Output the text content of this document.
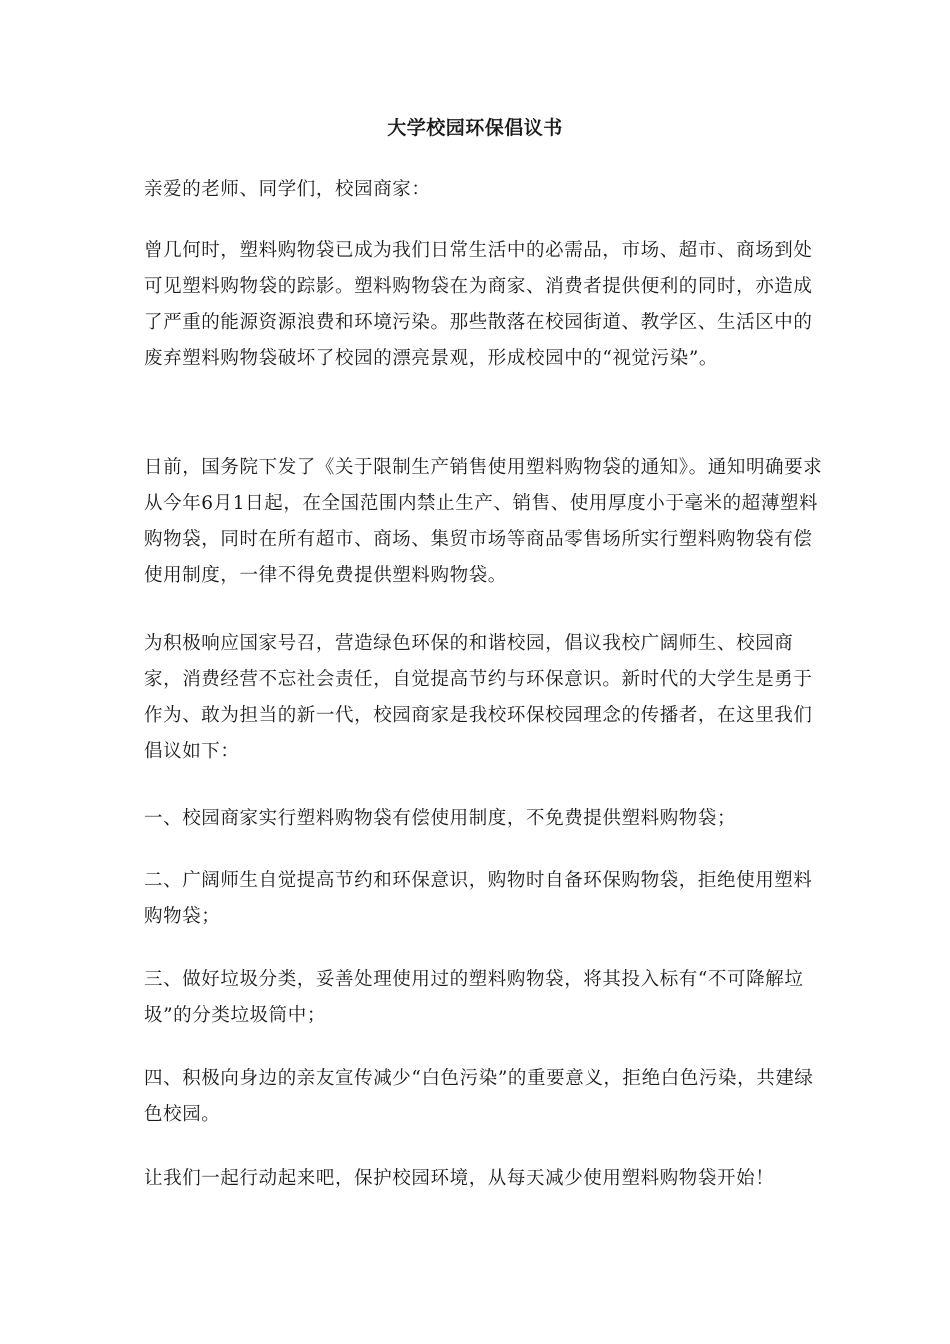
大学校园环保倡议书

亲爱的老师、同学们，校园商家：

曾几何时，塑料购物袋已成为我们日常生活中的必需品，市场、超市、商场到处可见塑料购物袋的踪影。塑料购物袋在为商家、消费者提供便利的同时，亦造成了严重的能源资源浪费和环境污染。那些散落在校园街道、教学区、生活区中的废弃塑料购物袋破坏了校园的漂亮景观，形成校园中的“视觉污染”。

日前，国务院下发了《关于限制生产销售使用塑料购物袋的通知》。通知明确要求从今年6月1日起，在全国范围内禁止生产、销售、使用厚度小于毫米的超薄塑料购物袋，同时在所有超市、商场、集贸市场等商品零售场所实行塑料购物袋有偿使用制度，一律不得免费提供塑料购物袋。

为积极响应国家号召，营造绿色环保的和谐校园，倡议我校广阔师生、校园商家，消费经营不忘社会责任，自觉提高节约与环保意识。新时代的大学生是勇于作为、敢为担当的新一代，校园商家是我校环保校园理念的传播者，在这里我们倡议如下：

一、校园商家实行塑料购物袋有偿使用制度，不免费提供塑料购物袋；

二、广阔师生自觉提高节约和环保意识，购物时自备环保购物袋，拒绝使用塑料购物袋；

三、做好垃圾分类，妥善处理使用过的塑料购物袋，将其投入标有“不可降解垃圾”的分类垃圾筒中；

四、积极向身边的亲友宣传减少“白色污染”的重要意义，拒绝白色污染，共建绿色校园。

让我们一起行动起来吧，保护校园环境，从每天减少使用塑料购物袋开始！
